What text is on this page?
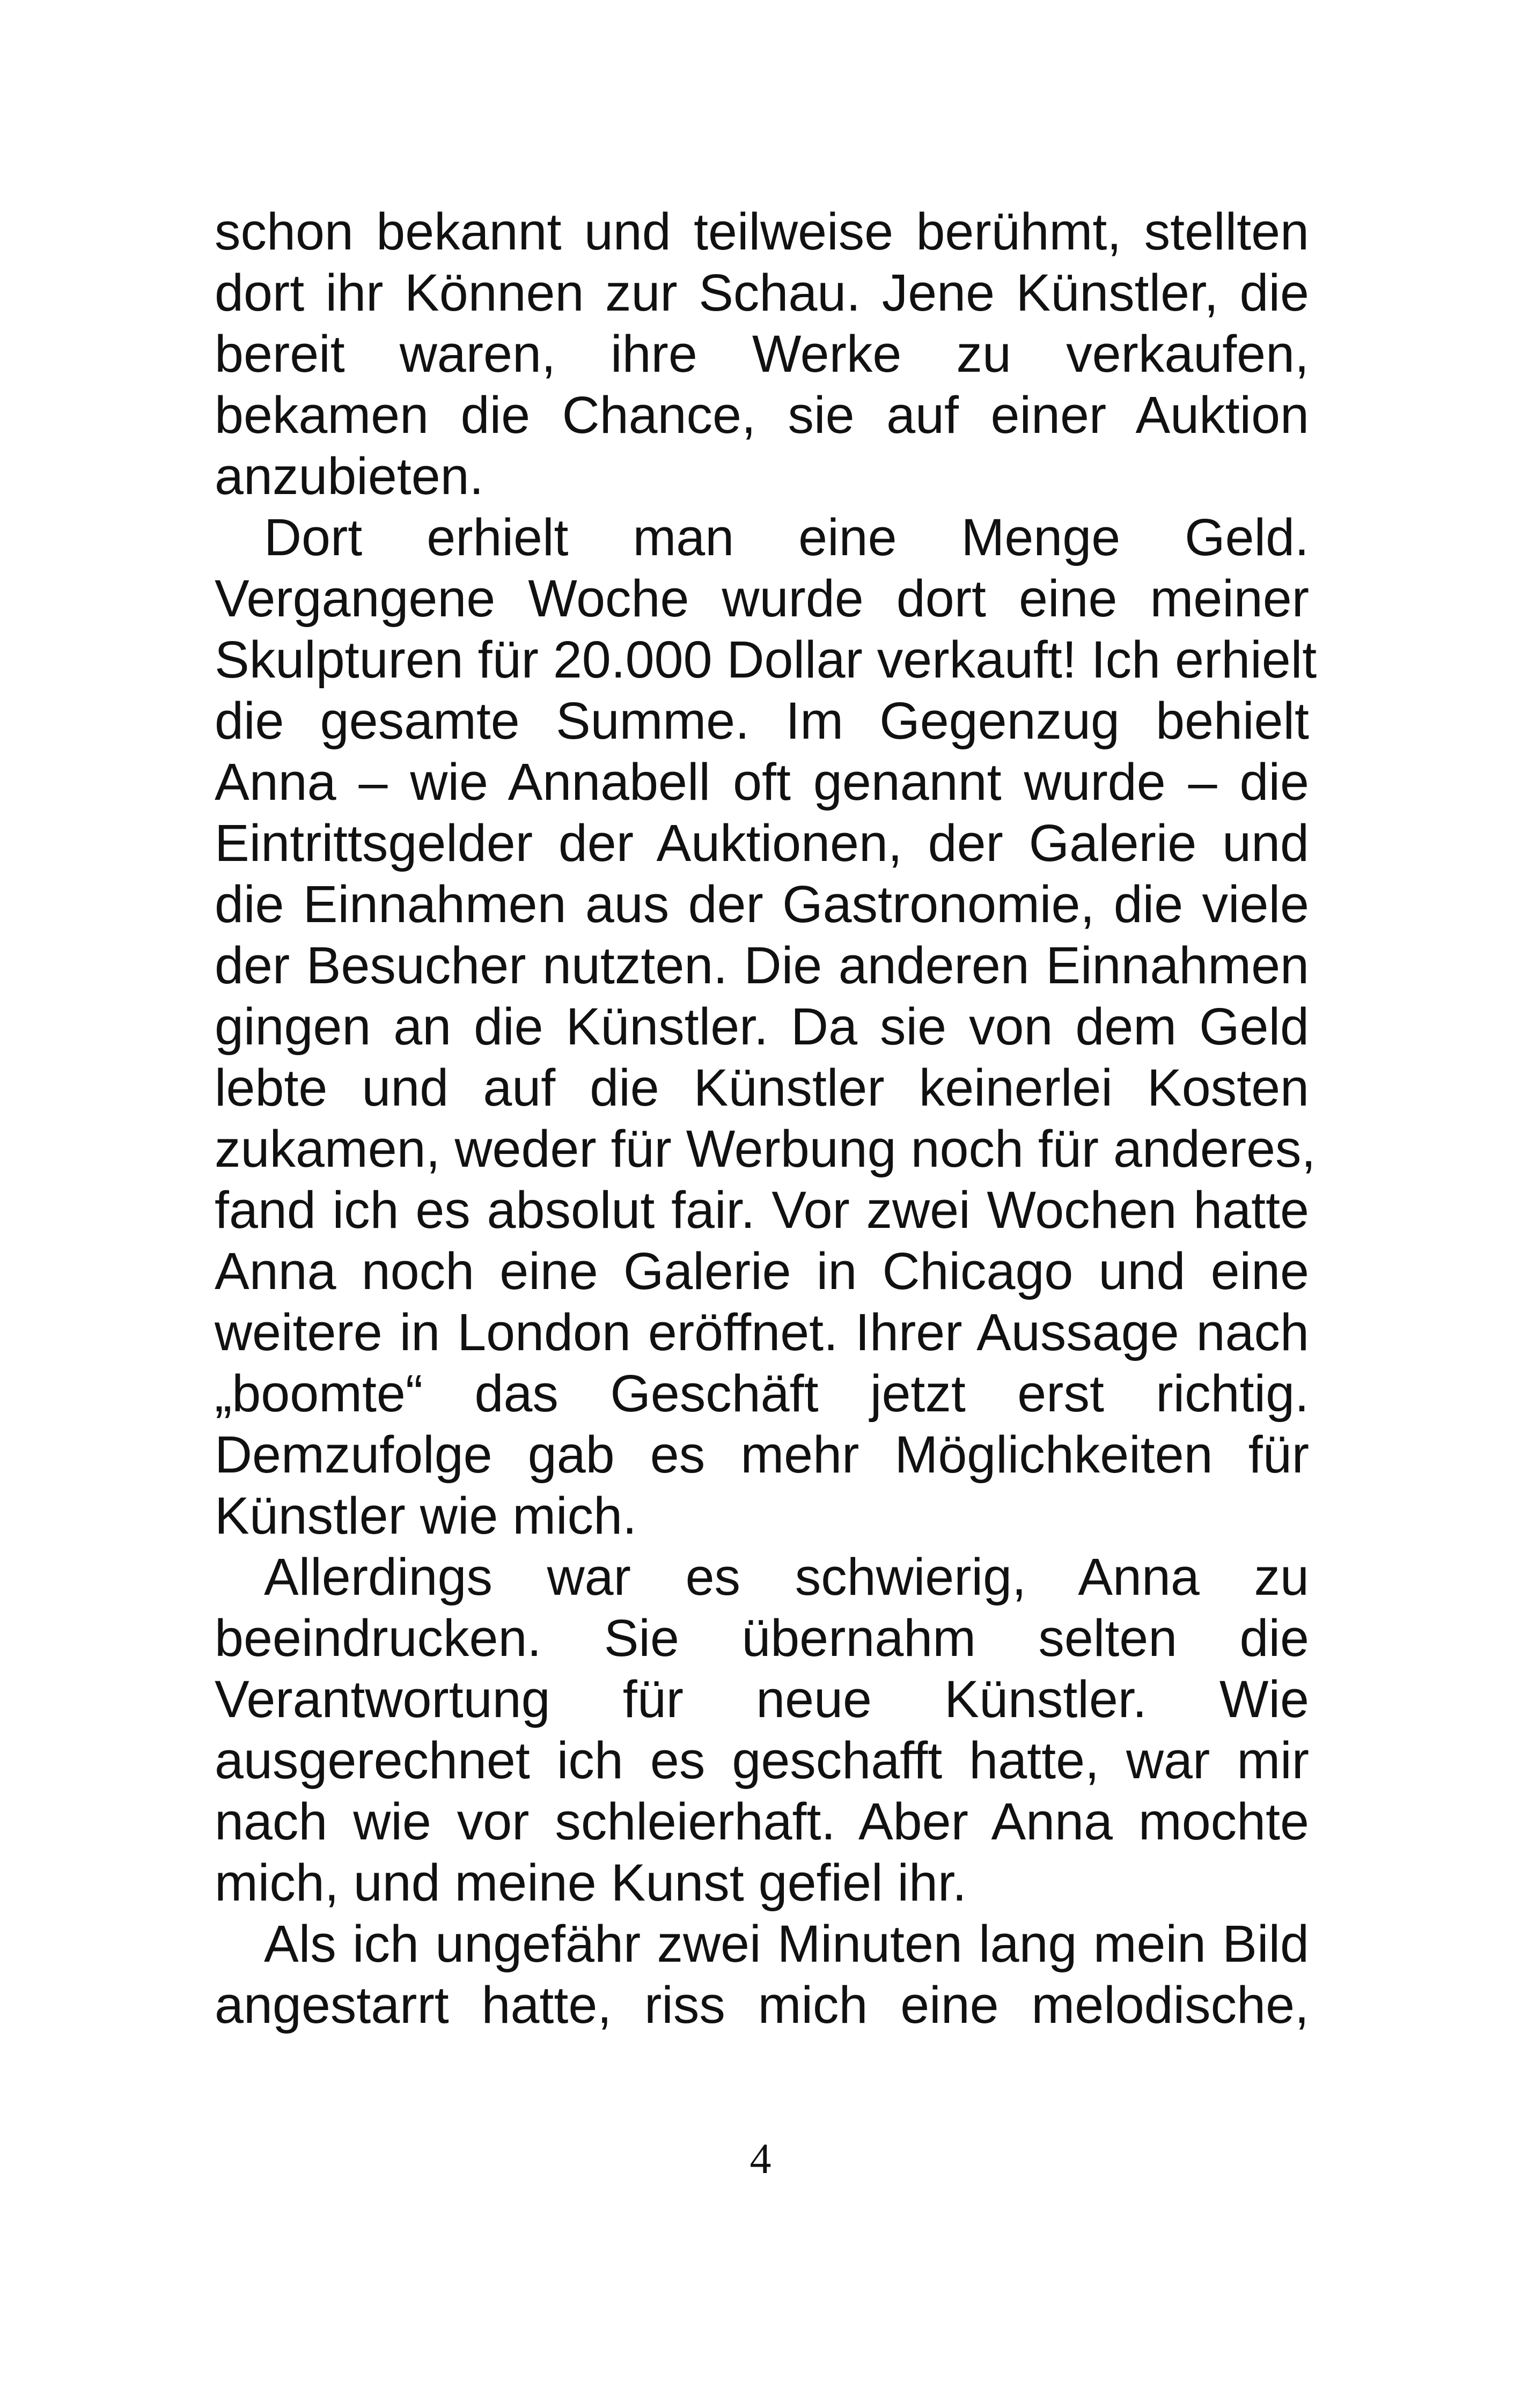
schon bekannt und teilweise berühmt, stellten
dort ihr Können zur Schau. Jene Künstler, die
bereit waren, ihre Werke zu verkaufen,
bekamen die Chance, sie auf einer Auktion
anzubieten.
Dort erhielt man eine Menge Geld.
Vergangene Woche wurde dort eine meiner
Skulpturen für 20.000 Dollar verkauft! Ich erhielt
die gesamte Summe. Im Gegenzug behielt
Anna – wie Annabell oft genannt wurde – die
Eintrittsgelder der Auktionen, der Galerie und
die Einnahmen aus der Gastronomie, die viele
der Besucher nutzten. Die anderen Einnahmen
gingen an die Künstler. Da sie von dem Geld
lebte und auf die Künstler keinerlei Kosten
zukamen, weder für Werbung noch für anderes,
fand ich es absolut fair. Vor zwei Wochen hatte
Anna noch eine Galerie in Chicago und eine
weitere in London eröffnet. Ihrer Aussage nach
„boomte“ das Geschäft jetzt erst richtig.
Demzufolge gab es mehr Möglichkeiten für
Künstler wie mich.
Allerdings war es schwierig, Anna zu
beeindrucken. Sie übernahm selten die
Verantwortung für neue Künstler. Wie
ausgerechnet ich es geschafft hatte, war mir
nach wie vor schleierhaft. Aber Anna mochte
mich, und meine Kunst gefiel ihr.
Als ich ungefähr zwei Minuten lang mein Bild
angestarrt hatte, riss mich eine melodische,
4
